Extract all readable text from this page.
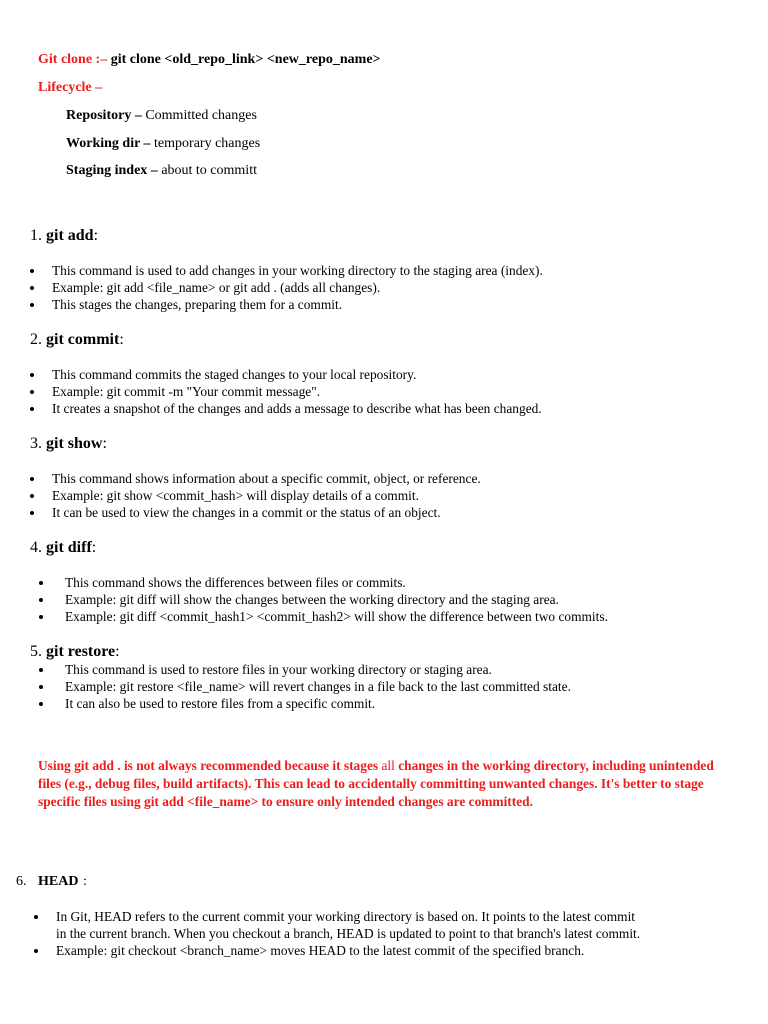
Git clone :– git clone <old_repo_link> <new_repo_name>
Lifecycle –
Repository – Committed changes
Working dir – temporary changes
Staging index – about to committ
1. git add:
This command is used to add changes in your working directory to the staging area (index).
Example: git add <file_name> or git add . (adds all changes).
This stages the changes, preparing them for a commit.
2. git commit:
This command commits the staged changes to your local repository.
Example: git commit -m "Your commit message".
It creates a snapshot of the changes and adds a message to describe what has been changed.
3. git show:
This command shows information about a specific commit, object, or reference.
Example: git show <commit_hash> will display details of a commit.
It can be used to view the changes in a commit or the status of an object.
4. git diff:
This command shows the differences between files or commits.
Example: git diff will show the changes between the working directory and the staging area.
Example: git diff <commit_hash1> <commit_hash2> will show the difference between two commits.
5. git restore:
This command is used to restore files in your working directory or staging area.
Example: git restore <file_name> will revert changes in a file back to the last committed state.
It can also be used to restore files from a specific commit.
Using git add . is not always recommended because it stages all changes in the working directory, including unintended files (e.g., debug files, build artifacts). This can lead to accidentally committing unwanted changes. It's better to stage specific files using git add <file_name> to ensure only intended changes are committed.
6. HEAD :
In Git, HEAD refers to the current commit your working directory is based on. It points to the latest commit
in the current branch. When you checkout a branch, HEAD is updated to point to that branch's latest commit.
Example: git checkout <branch_name> moves HEAD to the latest commit of the specified branch.
